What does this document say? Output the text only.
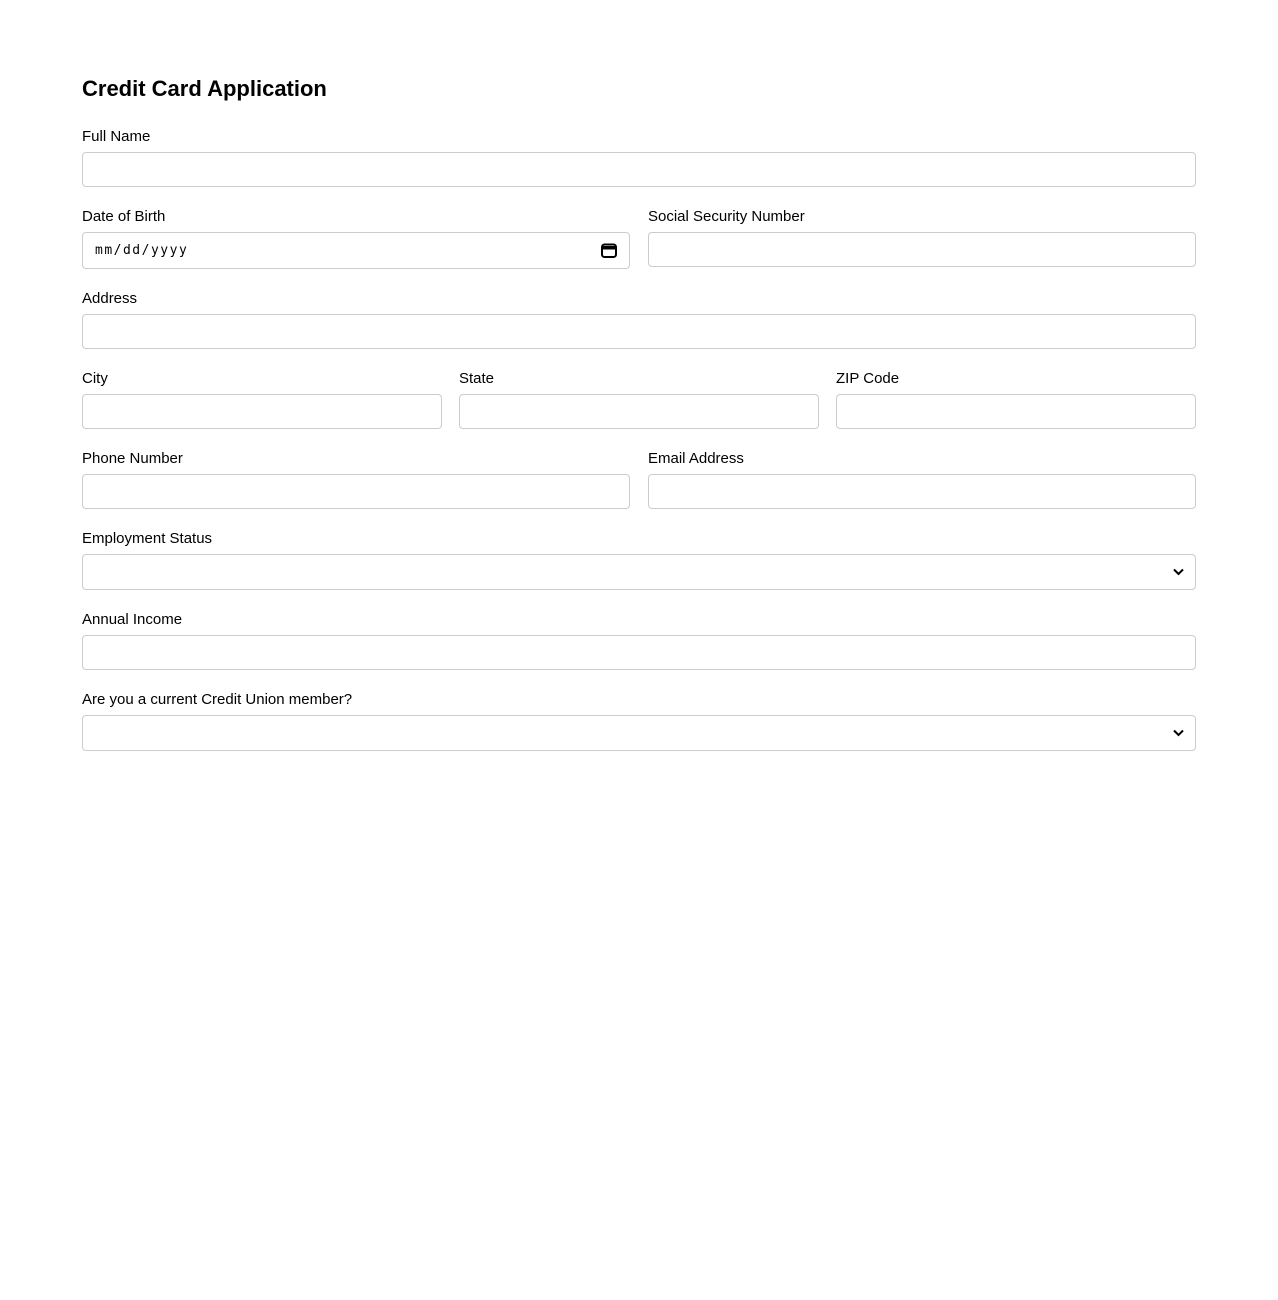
Credit Card Application
Full Name
Date of Birth
mm/dd/yyyy
Social Security Number
Address
City	State	ZIP Code
Phone Number	Email Address
Employment Status
Annual Income
Are you a current Credit Union member?
